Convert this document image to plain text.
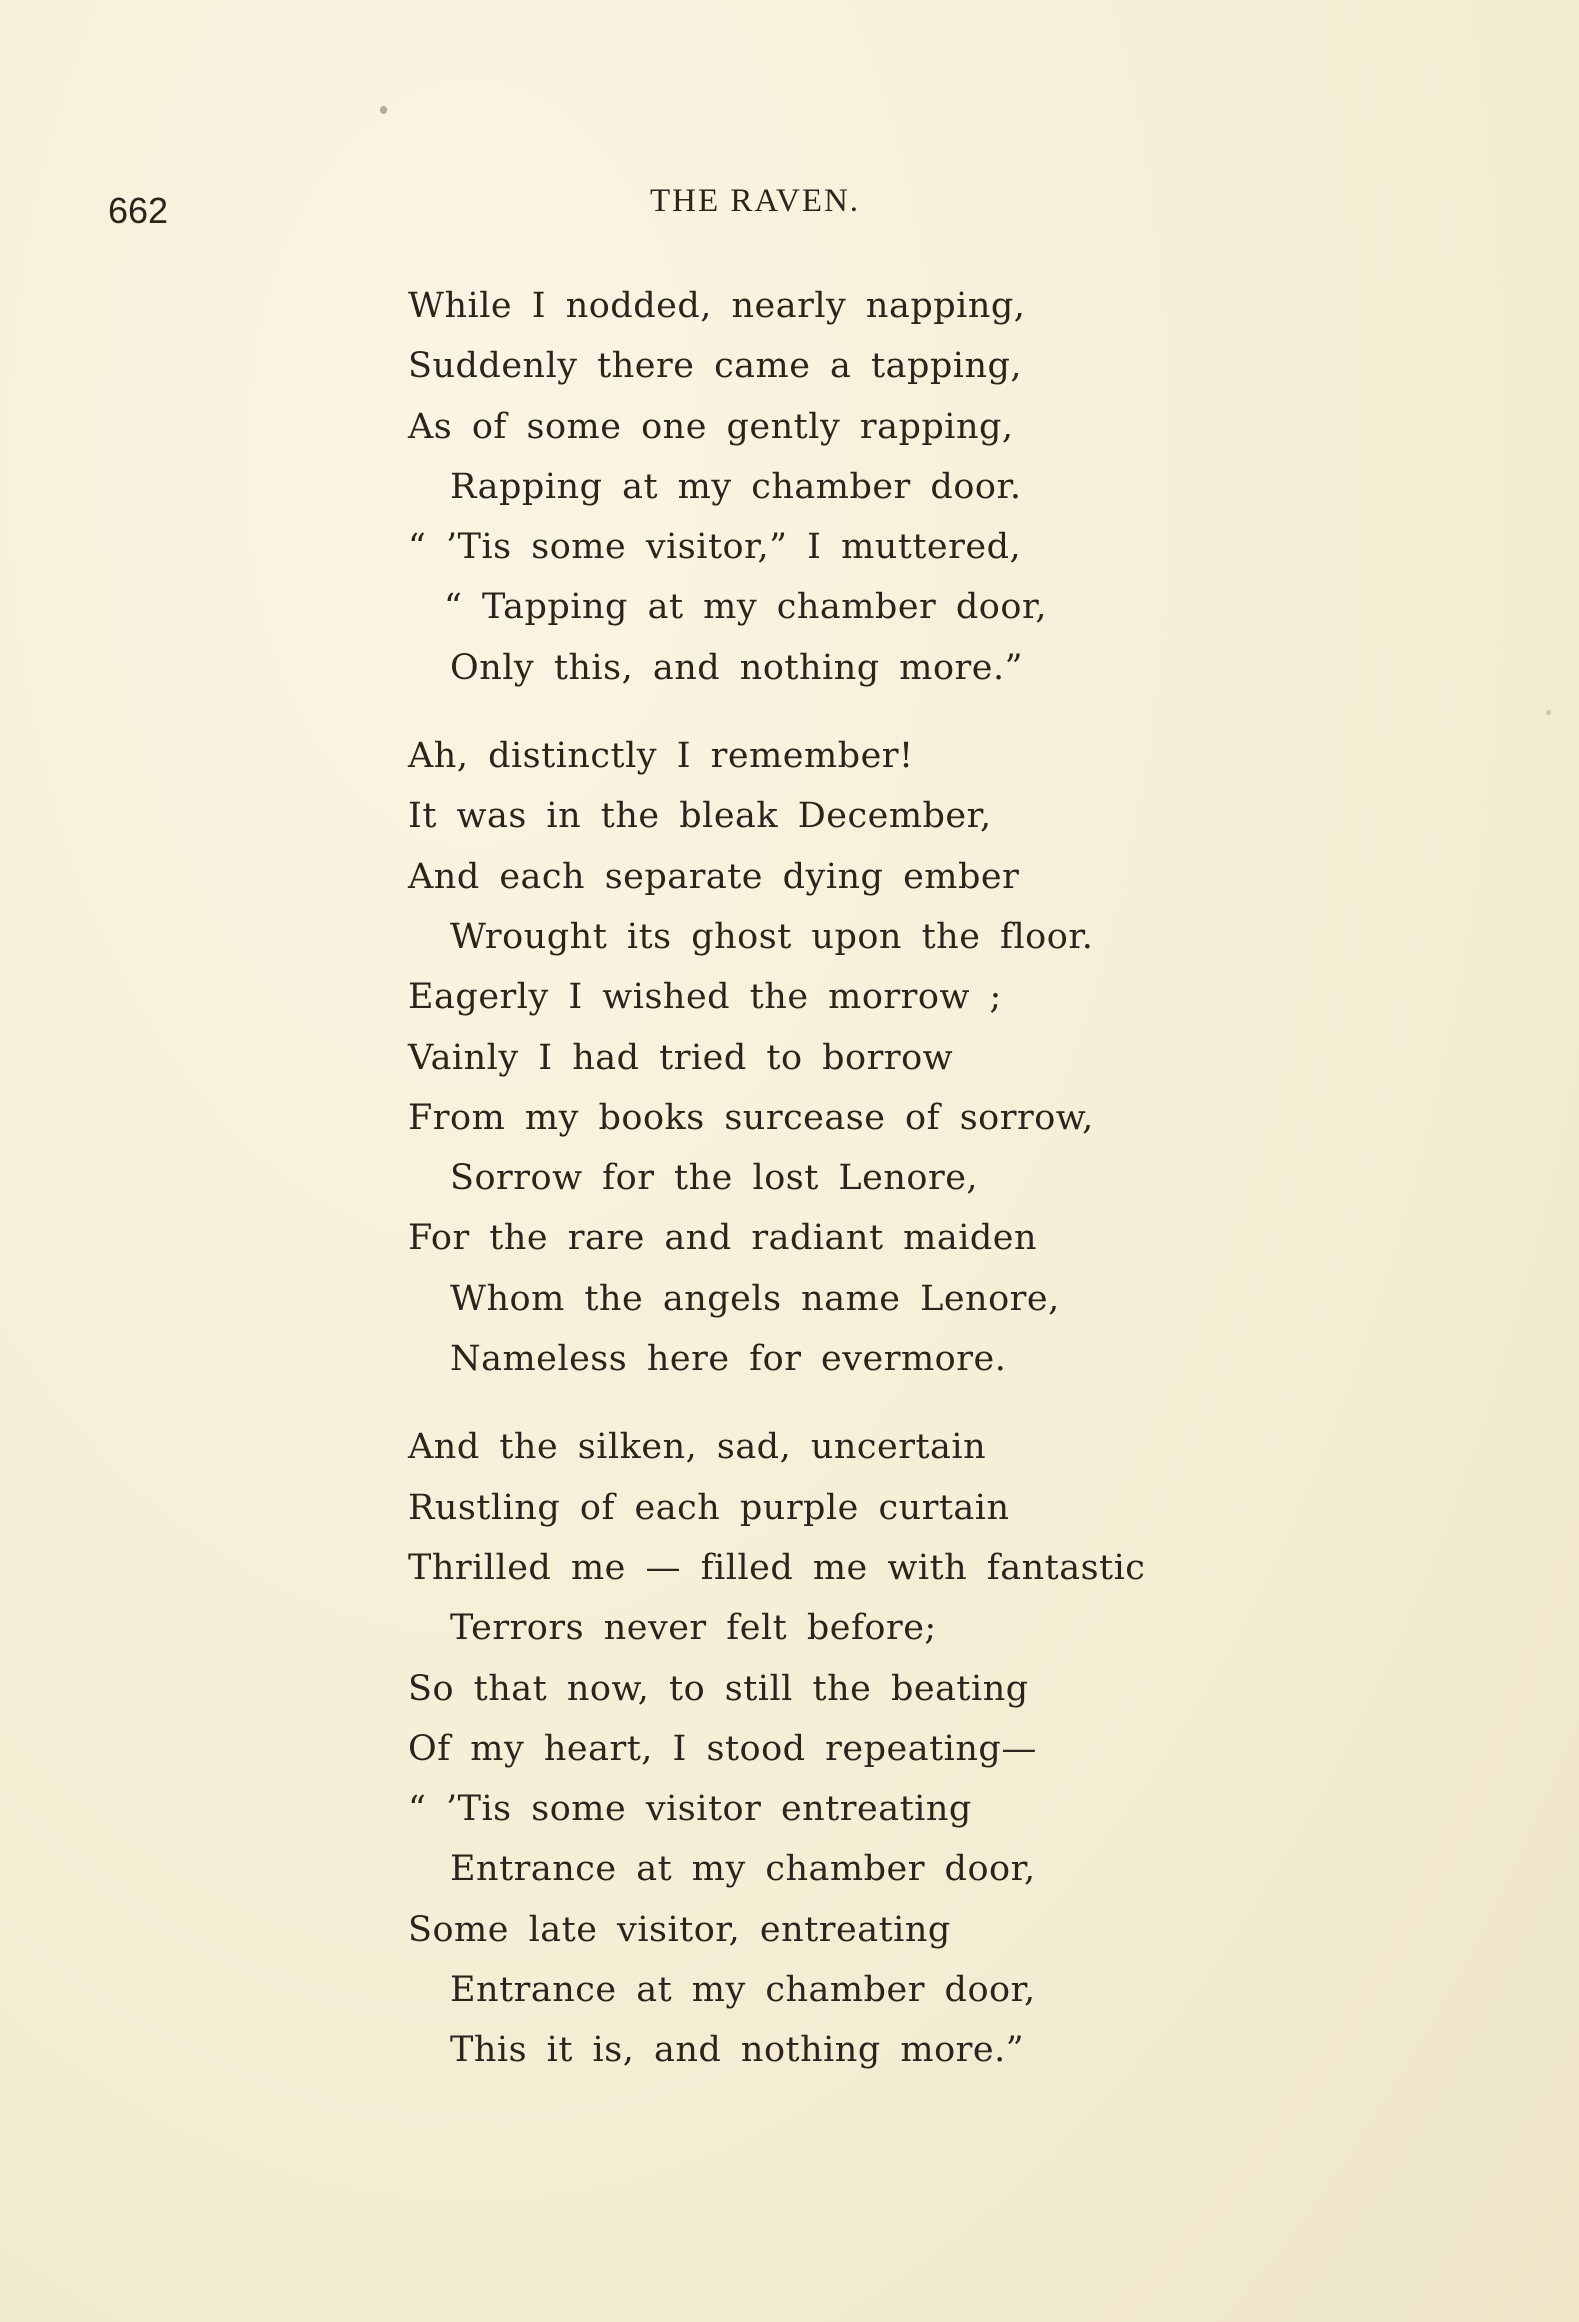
662	THE RAVEN.
While I nodded, nearly napping,
Suddenly there came a tapping,
As of some one gently rapping,
Rapping at my chamber door.
“ ’Tis some visitor,” I muttered,
“ Tapping at my chamber door,
Only this, and nothing more.”
Ah, distinctly I remember!
It was in the bleak December,
And each separate dying ember
Wrought its ghost upon the floor.
Eagerly I wished the morrow ;
Vainly I had tried to borrow
From my books surcease of sorrow,
Sorrow for the lost Lenore,
For the rare and radiant maiden
Whom the angels name Lenore,
Nameless here for evermore.
And the silken, sad, uncertain
Rustling of each purple curtain
Thrilled me — filled me with fantastic
Terrors never felt before;
So that now, to still the beating
Of my heart, I stood repeating—
“ ’Tis some visitor entreating
Entrance at my chamber door,
Some late visitor, entreating
Entrance at my chamber door,
This it is, and nothing more.”
